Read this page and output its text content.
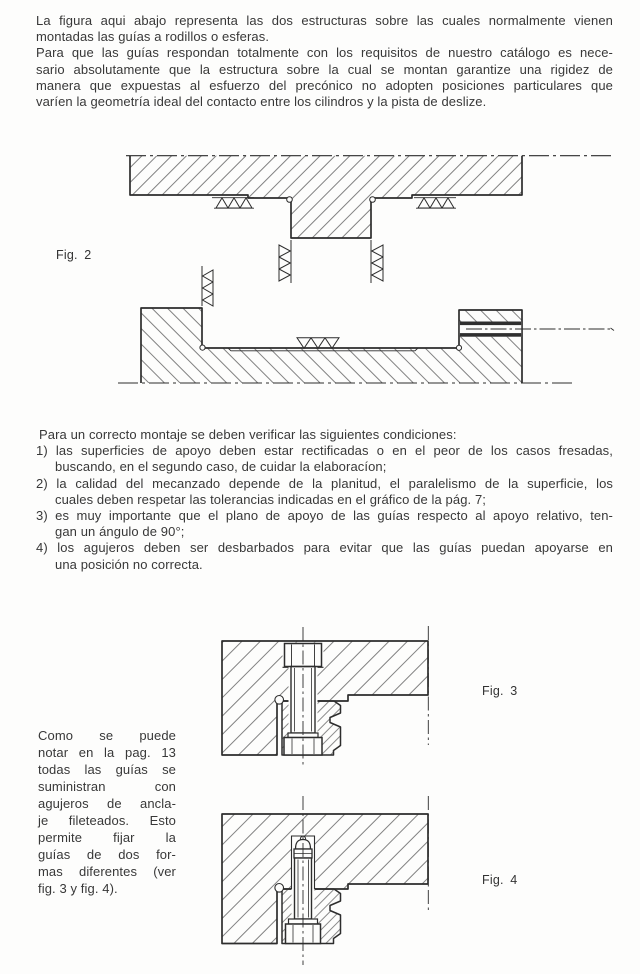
La figura aqui abajo representa las dos estructuras sobre las cuales normalmente vienen
montadas las guías a rodillos o esferas.
Para que las guías respondan totalmente con los requisitos de nuestro catálogo es nece-
sario absolutamente que la estructura sobre la cual se montan garantize una rigidez de
manera que expuestas al esfuerzo del precónico no adopten posiciones particulares que
varíen la geometría ideal del contacto entre los cilindros y la pista de deslize.
Fig. 2
Para un correcto montaje se deben verificar las siguientes condiciones:
1) las superficies de apoyo deben estar rectificadas o en el peor de los casos fresadas,
buscando, en el segundo caso, de cuidar la elaboracíon;
2) la calidad del mecanzado depende de la planitud, el paralelismo de la superficie, los
cuales deben respetar las tolerancias indicadas en el gráfico de la pág. 7;
3) es muy importante que el plano de apoyo de las guías respecto al apoyo relativo, ten-
gan un ángulo de 90°;
4) los agujeros deben ser desbarbados para evitar que las guías puedan apoyarse en
una posición no correcta.
Como se puede
notar en la pag. 13
todas las guías se
suministran con
agujeros de ancla-
je fileteados. Esto
permite fijar la
guías de dos for-
mas diferentes (ver
fig. 3 y fig. 4).
Fig. 3
Fig. 4
